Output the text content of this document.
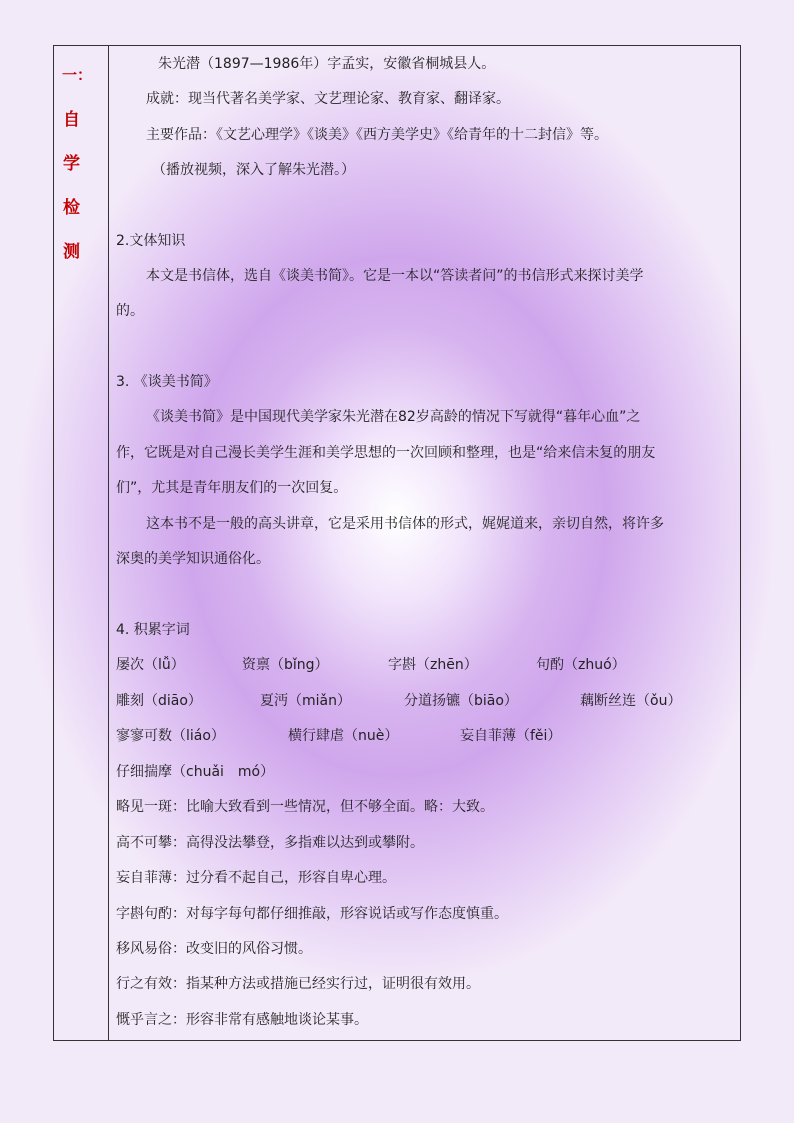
一：
自学检测
朱光潜（1897—1986年）字孟实，安徽省桐城县人。
成就：现当代著名美学家、文艺理论家、教育家、翻译家。
主要作品：《文艺心理学》《谈美》《西方美学史》《给青年的十二封信》等。
（播放视频，深入了解朱光潜。）
2.文体知识
本文是书信体，选自《谈美书简》。它是一本以“答读者问”的书信形式来探讨美学
的。
3. 《谈美书简》
《谈美书简》是中国现代美学家朱光潜在82岁高龄的情况下写就得“暮年心血”之
作，它既是对自己漫长美学生涯和美学思想的一次回顾和整理，也是“给来信未复的朋友
们”，尤其是青年朋友们的一次回复。
这本书不是一般的高头讲章，它是采用书信体的形式，娓娓道来，亲切自然，将许多
深奥的美学知识通俗化。
4. 积累字词
屡次（lǚ）	资禀（bǐng）	字斟（zhēn）	句酌（zhuó）
雕刻（diāo）	夏沔（miǎn）	分道扬镳（biāo）	藕断丝连（ǒu）
寥寥可数（liáo）	横行肆虐（nuè）	妄自菲薄（fěi）
仔细揣摩（chuǎi　mó）
略见一斑：比喻大致看到一些情况，但不够全面。略：大致。
高不可攀：高得没法攀登，多指难以达到或攀附。
妄自菲薄：过分看不起自己，形容自卑心理。
字斟句酌：对每字每句都仔细推敲，形容说话或写作态度慎重。
移风易俗：改变旧的风俗习惯。
行之有效：指某种方法或措施已经实行过，证明很有效用。
慨乎言之：形容非常有感触地谈论某事。
